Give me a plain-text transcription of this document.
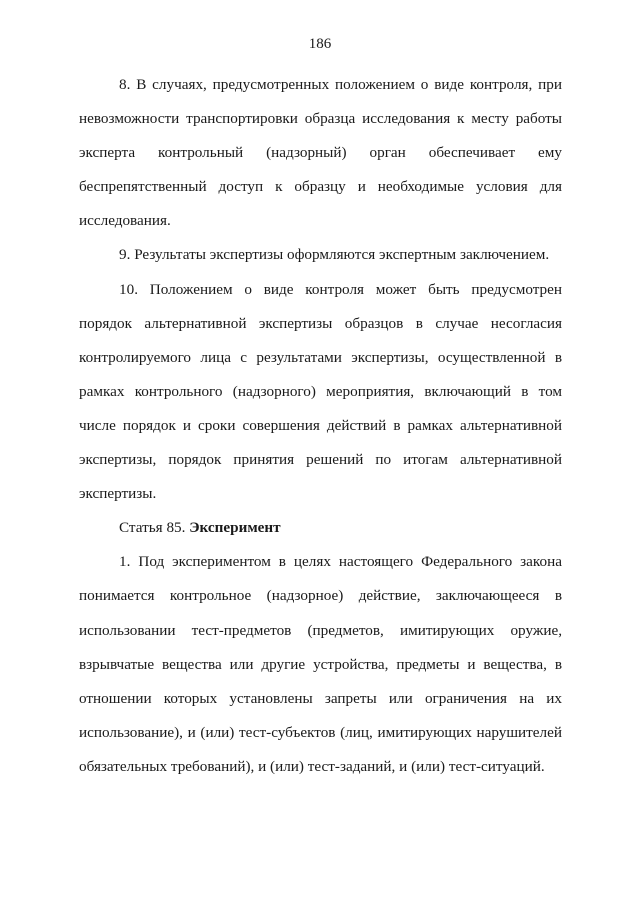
186

8. В случаях, предусмотренных положением о виде контроля, при невозможности транспортировки образца исследования к месту работы эксперта контрольный (надзорный) орган обеспечивает ему беспрепятственный доступ к образцу и необходимые условия для исследования.

9. Результаты экспертизы оформляются экспертным заключением.

10. Положением о виде контроля может быть предусмотрен порядок альтернативной экспертизы образцов в случае несогласия контролируемого лица с результатами экспертизы, осуществленной в рамках контрольного (надзорного) мероприятия, включающий в том числе порядок и сроки совершения действий в рамках альтернативной экспертизы, порядок принятия решений по итогам альтернативной экспертизы.

Статья 85. Эксперимент

1. Под экспериментом в целях настоящего Федерального закона понимается контрольное (надзорное) действие, заключающееся в использовании тест-предметов (предметов, имитирующих оружие, взрывчатые вещества или другие устройства, предметы и вещества, в отношении которых установлены запреты или ограничения на их использование), и (или) тест-субъектов (лиц, имитирующих нарушителей обязательных требований), и (или) тест-заданий, и (или) тест-ситуаций.
